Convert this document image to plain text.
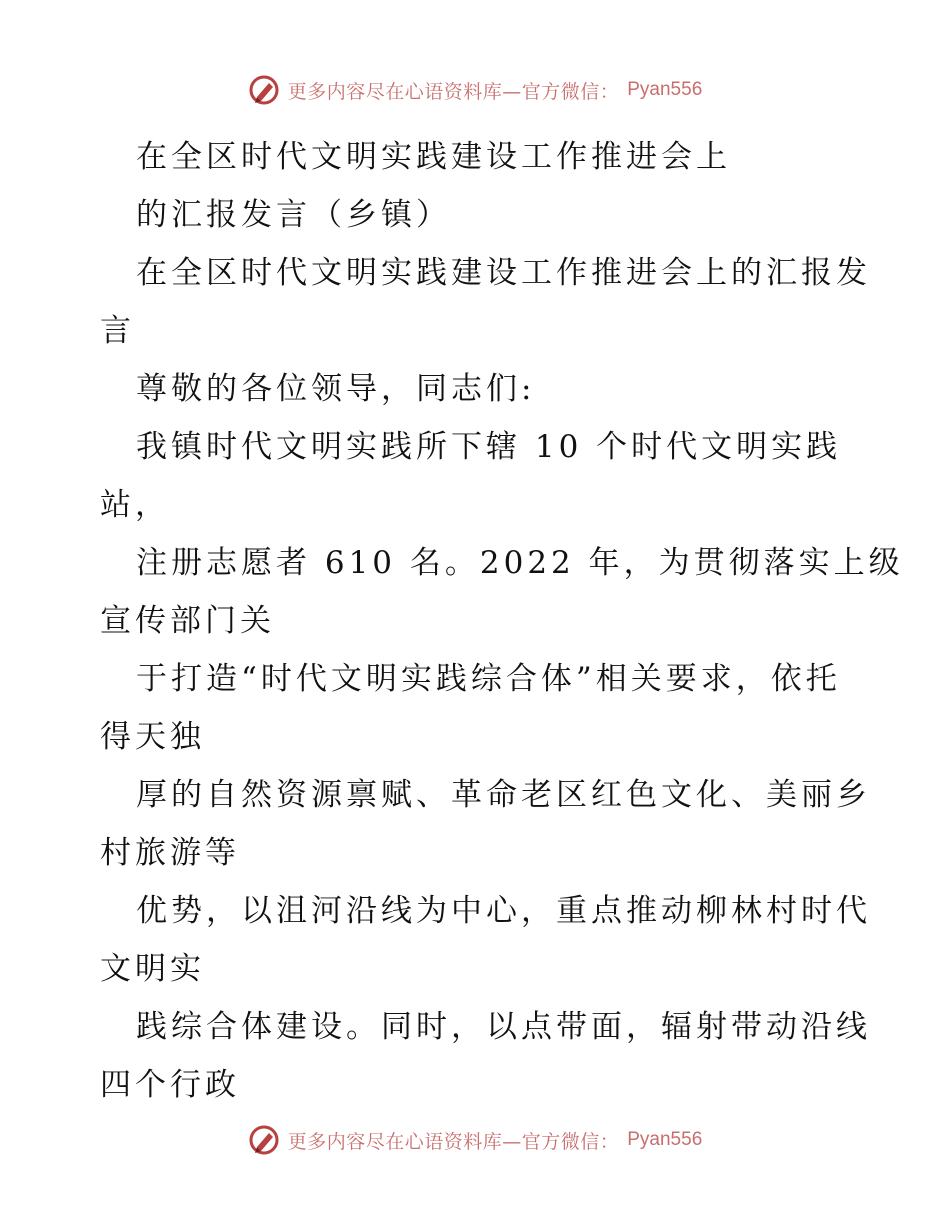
更多内容尽在心语资料库—官方微信： Pyan556
在全区时代文明实践建设工作推进会上
的汇报发言（乡镇）
在全区时代文明实践建设工作推进会上的汇报发
言
尊敬的各位领导，同志们:
我镇时代文明实践所下辖 10 个时代文明实践
站，
注册志愿者 610 名。2022 年，为贯彻落实上级
宣传部门关
于打造“时代文明实践综合体”相关要求，依托
得天独
厚的自然资源禀赋、革命老区红色文化、美丽乡
村旅游等
优势，以沮河沿线为中心，重点推动柳林村时代
文明实
践综合体建设。同时，以点带面，辐射带动沿线
四个行政
更多内容尽在心语资料库—官方微信： Pyan556
